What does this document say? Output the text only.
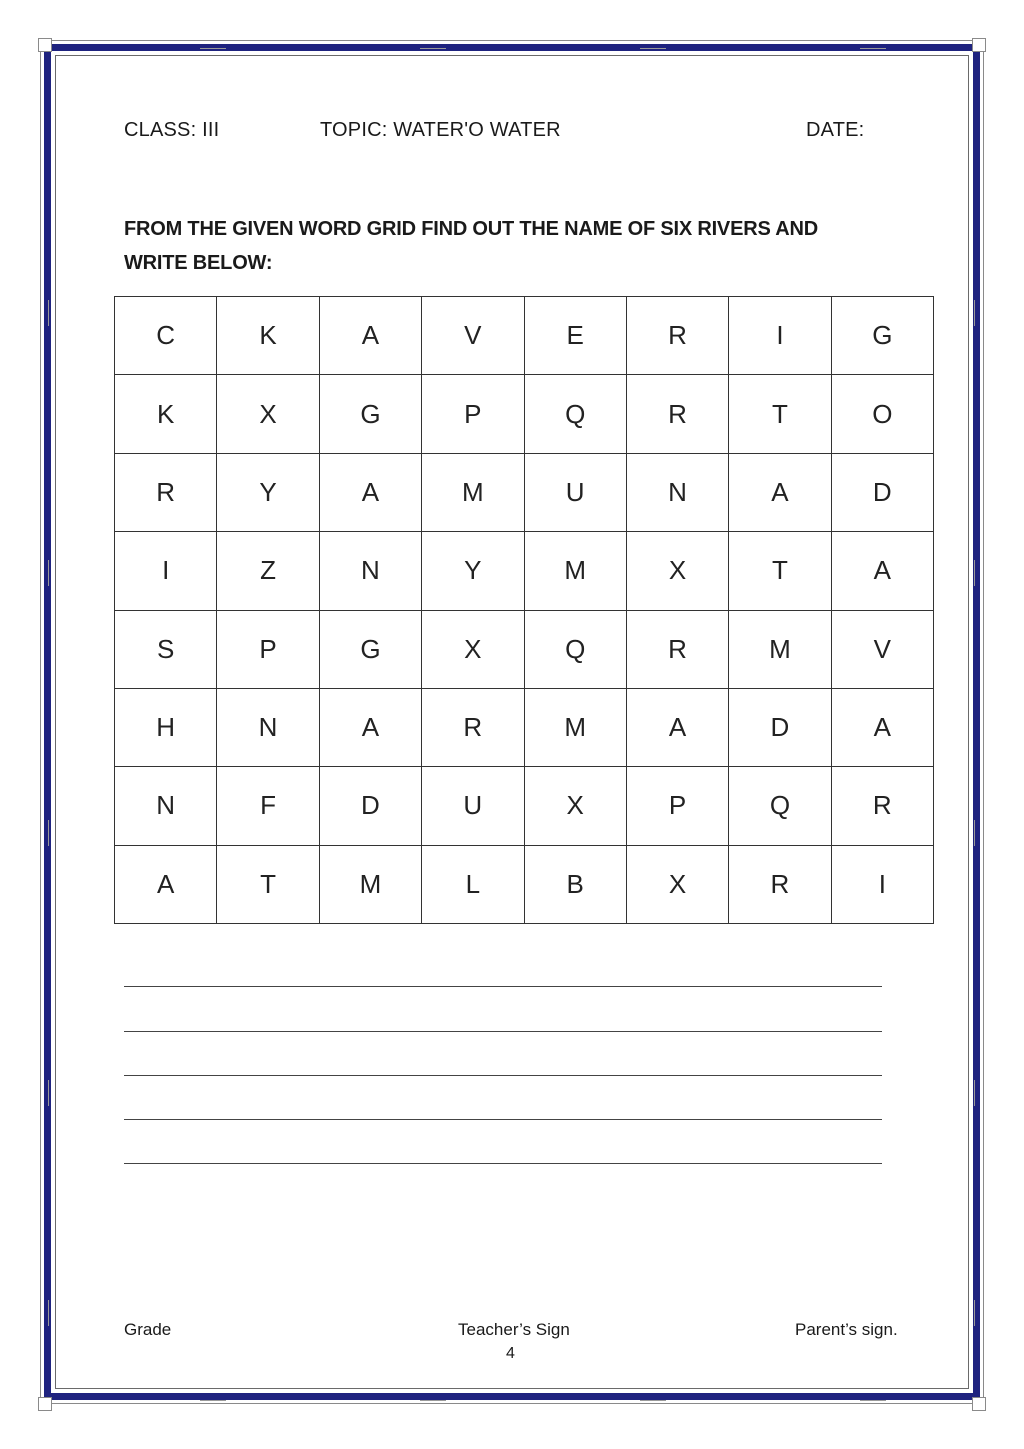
CLASS: III	TOPIC: WATER'O WATER	DATE:
FROM THE GIVEN WORD GRID FIND OUT THE NAME OF SIX RIVERS AND WRITE BELOW:
C	K	A	V	E	R	I	G
K	X	G	P	Q	R	T	O
R	Y	A	M	U	N	A	D
I	Z	N	Y	M	X	T	A
S	P	G	X	Q	R	M	V
H	N	A	R	M	A	D	A
N	F	D	U	X	P	Q	R
A	T	M	L	B	X	R	I
Grade	Teacher’s Sign	Parent’s sign.
4
